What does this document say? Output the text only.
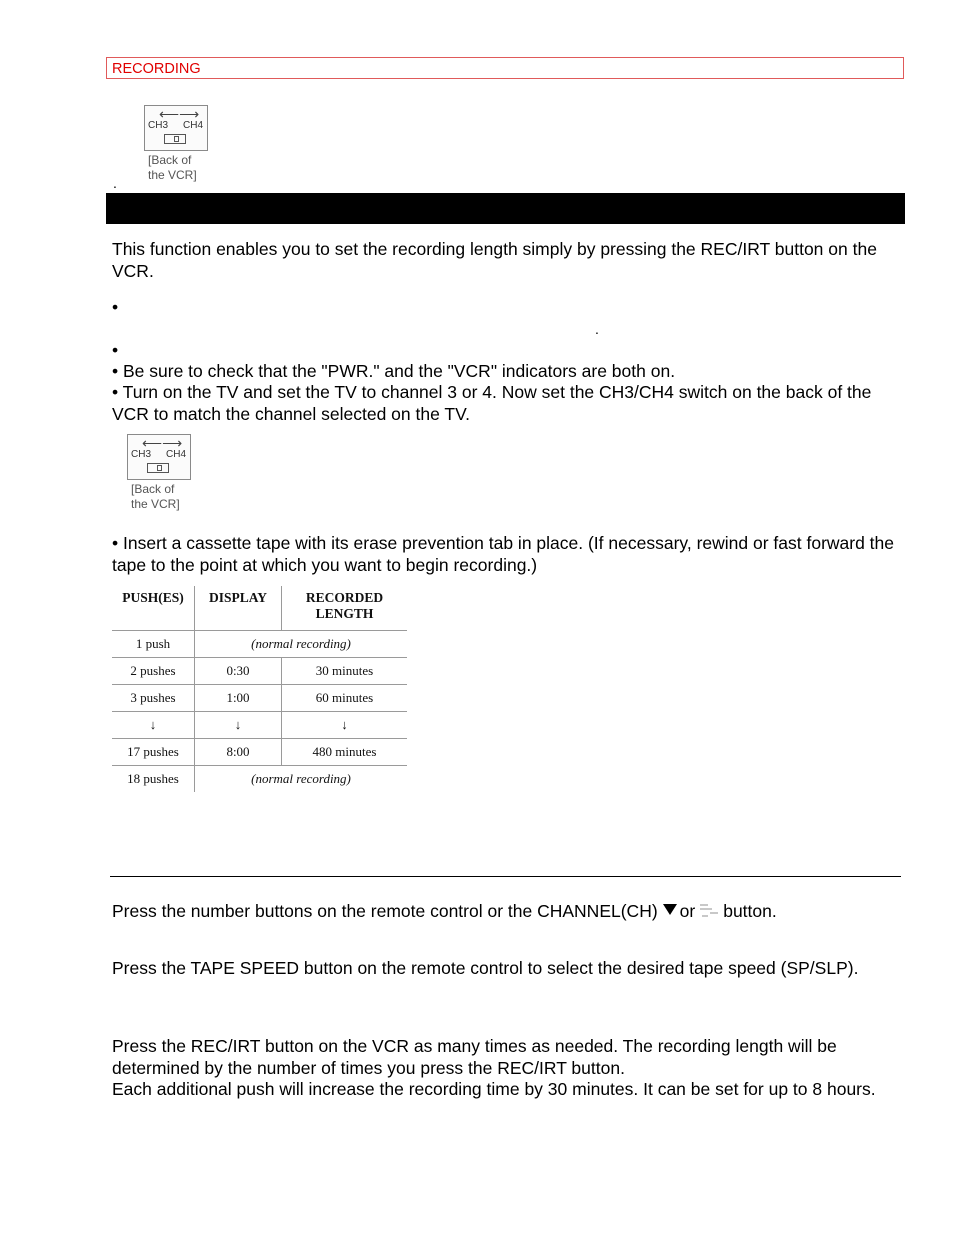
RECORDING
⟵⟶
CH3 CH4
[Back of
the VCR]
.
This function enables you to set the recording length simply by pressing the REC/IRT button on the VCR.
•
.
•
• Be sure to check that the "PWR." and the "VCR" indicators are both on.
• Turn on the TV and set the TV to channel 3 or 4. Now set the CH3/CH4 switch on the back of the VCR to match the channel selected on the TV.
⟵⟶
CH3 CH4
[Back of
the VCR]
• Insert a cassette tape with its erase prevention tab in place. (If necessary, rewind or fast forward the tape to the point at which you want to begin recording.)
PUSH(ES)	DISPLAY	RECORDED LENGTH
1 push	(normal recording)	
2 pushes	0:30	30 minutes
3 pushes	1:00	60 minutes
↓	↓	↓
17 pushes	8:00	480 minutes
18 pushes	(normal recording)	
Press the number buttons on the remote control or the CHANNEL(CH) or button.
Press the TAPE SPEED button on the remote control to select the desired tape speed (SP/SLP).
Press the REC/IRT button on the VCR as many times as needed. The recording length will be determined by the number of times you press the REC/IRT button.
Each additional push will increase the recording time by 30 minutes. It can be set for up to 8 hours.
